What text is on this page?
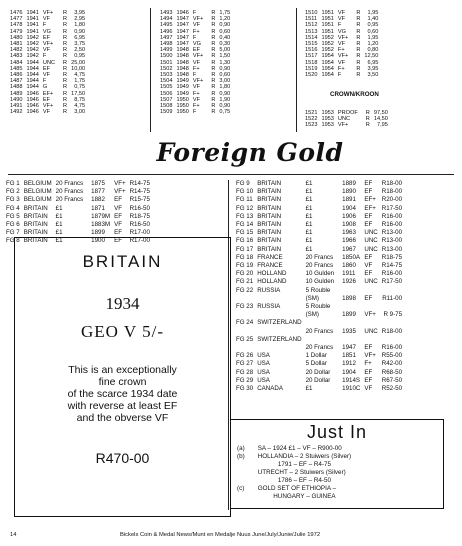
1476	1941	VF+	R	3,95
1477	1941	VF	R	2,95
1478	1941	F	R	1,80
1479	1941	VG	R	0,90
1480	1942	EF	R	6,95
1481	1942	VF+	R	3,75
1482	1942	VF	R	2,50
1483	1942	F	R	0,95
1484	1944	UNC	R	25,00
1485	1944	EF	R	10,00
1486	1944	VF	R	4,75
1487	1944	F	R	1,75
1488	1944	G	R	0,75
1489	1946	EF+	R	17,50
1490	1946	EF	R	8,75
1491	1946	VF+	R	4,75
1492	1946	VF	R	3,00
1493	1946	F	R	1,75
1494	1947	VF+	R	1,20
1495	1947	VF	R	0,90
1496	1947	F+	R	0,60
1497	1947	F	R	0,40
1498	1947	VG	R	0,30
1499	1948	EF	R	5,00
1500	1948	VF+	R	1,50
1501	1948	VF	R	1,30
1502	1948	F+	R	0,90
1503	1948	F	R	0,60
1504	1949	VF+	R	3,00
1505	1949	VF	R	1,80
1506	1949	F+	R	0,90
1507	1950	VF	R	1,90
1508	1950	F+	R	0,90
1509	1950	F	R	0,75
1510	1951	VF	R	1,95
1511	1951	VF	R	1,40
1512	1951	F	R	0,95
1513	1951	VG	R	0,60
1514	1952	VF+	R	1,95
1515	1952	VF	R	1,20
1516	1952	F+	R	0,80
1517	1954	VF+	R	12,50
1518	1954	VF	R	6,95
1519	1954	F+	R	3,95
1520	1954	F	R	3,50
CROWN/KROON
1521	1953	PROOF	R	97,50
1522	1953	UNC	R	14,50
1523	1953	VF+	R	7,95
Foreign Gold
FG 1	BELGIUM	20 Francs	1875	VF+	R14-75
FG 2	BELGIUM	20 Francs	1877	VF+	R14-75
FG 3	BELGIUM	20 Francs	1882	EF	R15-75
FG 4	BRITAIN	£1	1871	VF	R16-50
FG 5	BRITAIN	£1	1879M	EF	R18-75
FG 6	BRITAIN	£1	1883M	VF	R16-50
FG 7	BRITAIN	£1	1899	EF	R17-00
FG 8	BRITAIN	£1	1900	EF	R17-00
FG 9	BRITAIN	£1	1889	EF	R18-00
FG 10	BRITAIN	£1	1890	EF	R18-00
FG 11	BRITAIN	£1	1891	EF+	R20-00
FG 12	BRITAIN	£1	1904	EF+	R17-50
FG 13	BRITAIN	£1	1906	EF	R16-00
FG 14	BRITAIN	£1	1908	EF	R16-00
FG 15	BRITAIN	£1	1963	UNC	R13-00
FG 16	BRITAIN	£1	1966	UNC	R13-00
FG 17	BRITAIN	£1	1967	UNC	R13-00
FG 18	FRANCE	20 Francs	1850A	EF	R18-75
FG 19	FRANCE	20 Francs	1860	VF	R14-75
FG 20	HOLLAND	10 Gulden	1911	EF	R16-00
FG 21	HOLLAND	10 Gulden	1926	UNC	R17-50
FG 22	RUSSIA	5 Rouble			
		(SM)	1898	EF	R11-00
FG 23	RUSSIA	5 Rouble			
		(SM)	1899	VF+	R 9-75
FG 24	SWITZERLAND				
		20 Francs	1935	UNC	R18-00
FG 25	SWITZERLAND				
		20 Francs	1947	EF	R16-00
FG 26	USA	1 Dollar	1851	VF+	R55-00
FG 27	USA	5 Dollar	1912	F+	R42-00
FG 28	USA	20 Dollar	1904	EF	R68-50
FG 29	USA	20 Dollar	1914S	EF	R67-50
FG 30	CANADA	£1	1910C	VF	R52-50
BRITAIN
1934
GEO V 5/-
This is an exceptionally
fine crown
of the scarce 1934 date
with reverse at least EF
and the obverse VF
R470-00
Just In
(a)	SA – 1924 £1 – VF – R900-00

(b)	HOLLANDIA – 2 Stuiwers (Silver)
1791 – EF – R4-75

	UTRECHT – 2 Stuiwers (Silver)
1786 – EF – R4-50

(c)	GOLD SET OF ETHIOPIA –
HUNGARY – GUINEA
14	Bickels Coin & Medal News/Munt en Medalje Nuus June/July/Junie/Julie 1972
